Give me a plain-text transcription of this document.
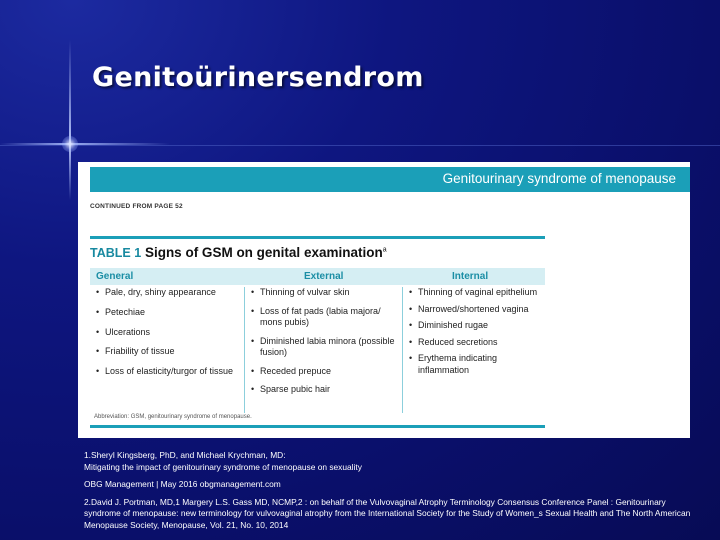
Genitoürinersendrom
Genitourinary syndrome of menopause
CONTINUED FROM PAGE 52
TABLE 1 Signs of GSM on genital examination$^a$
General	External	Internal
• Pale, dry, shiny appearance
• Petechiae
• Ulcerations
• Friability of tissue
• Loss of elasticity/turgor of tissue
• Thinning of vulvar skin
• Loss of fat pads (labia majora/ mons pubis)
• Diminished labia minora (possible fusion)
• Receded prepuce
• Sparse pubic hair
• Thinning of vaginal epithelium
• Narrowed/shortened vagina
• Diminished rugae
• Reduced secretions
• Erythema indicating inflammation
Abbreviation: GSM, genitourinary syndrome of menopause.

1.Sheryl Kingsberg, PhD, and Michael Krychman, MD:

Mitigating the impact of genitourinary syndrome of menopause on sexuality

OBG Management | May 2016 obgmanagement.com

2.David J. Portman, MD,1 Margery L.S. Gass MD, NCMP,2 : on behalf of the Vulvovaginal Atrophy Terminology Consensus Conference Panel : Genitourinary syndrome of menopause: new terminology for vulvovaginal atrophy from the International Society for the Study of Women_s Sexual Health and The North American Menopause Society, Menopause, Vol. 21, No. 10, 2014
